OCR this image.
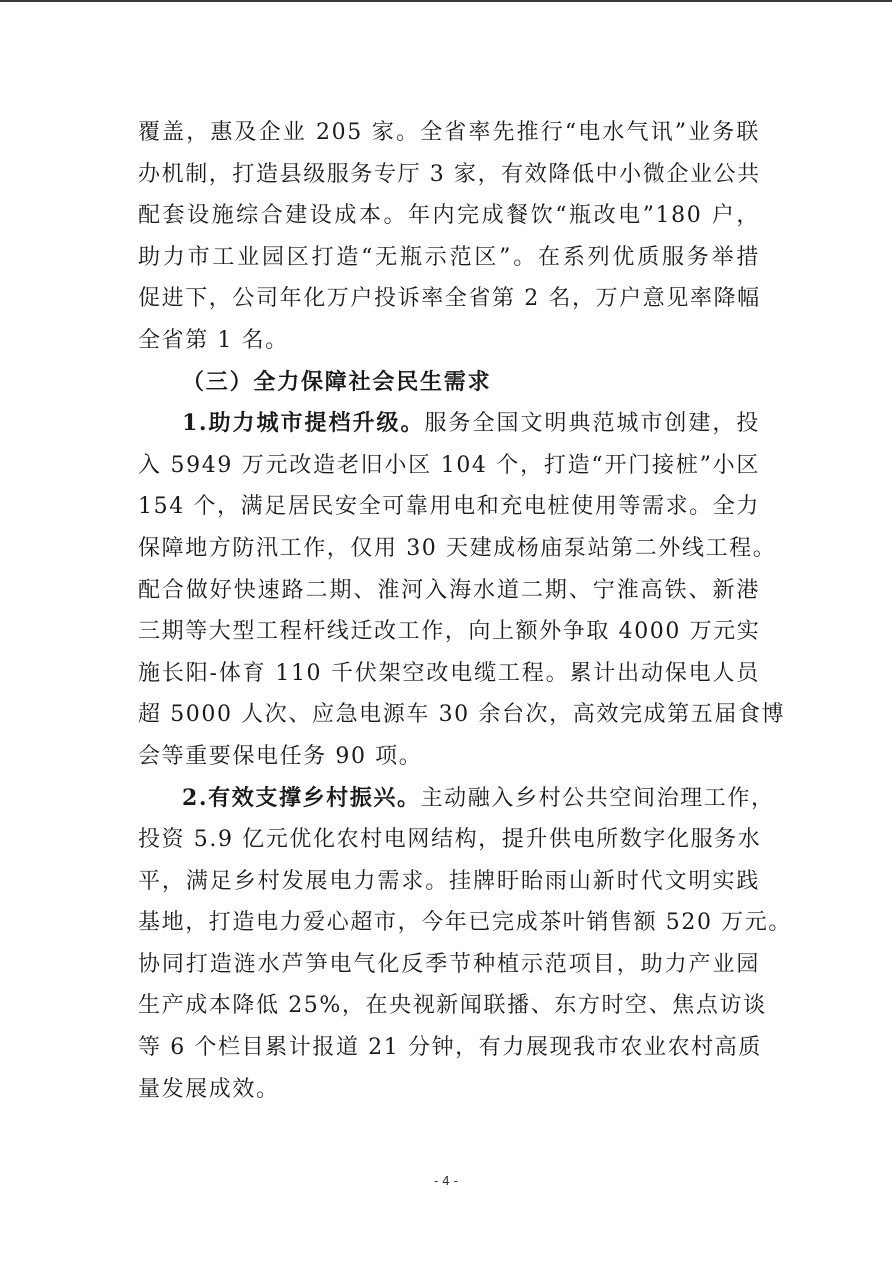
覆盖，惠及企业 205 家。全省率先推行“电水气讯”业务联
办机制，打造县级服务专厅 3 家，有效降低中小微企业公共
配套设施综合建设成本。年内完成餐饮“瓶改电”180 户，
助力市工业园区打造“无瓶示范区”。在系列优质服务举措
促进下，公司年化万户投诉率全省第 2 名，万户意见率降幅
全省第 1 名。
（三）全力保障社会民生需求
1.助力城市提档升级。服务全国文明典范城市创建，投
入 5949 万元改造老旧小区 104 个，打造“开门接桩”小区
154 个，满足居民安全可靠用电和充电桩使用等需求。全力
保障地方防汛工作，仅用 30 天建成杨庙泵站第二外线工程。
配合做好快速路二期、淮河入海水道二期、宁淮高铁、新港
三期等大型工程杆线迁改工作，向上额外争取 4000 万元实
施长阳-体育 110 千伏架空改电缆工程。累计出动保电人员
超 5000 人次、应急电源车 30 余台次，高效完成第五届食博
会等重要保电任务 90 项。
2.有效支撑乡村振兴。主动融入乡村公共空间治理工作，
投资 5.9 亿元优化农村电网结构，提升供电所数字化服务水
平，满足乡村发展电力需求。挂牌盱眙雨山新时代文明实践
基地，打造电力爱心超市，今年已完成茶叶销售额 520 万元。
协同打造涟水芦笋电气化反季节种植示范项目，助力产业园
生产成本降低 25%，在央视新闻联播、东方时空、焦点访谈
等 6 个栏目累计报道 21 分钟，有力展现我市农业农村高质
量发展成效。
- 4 -
